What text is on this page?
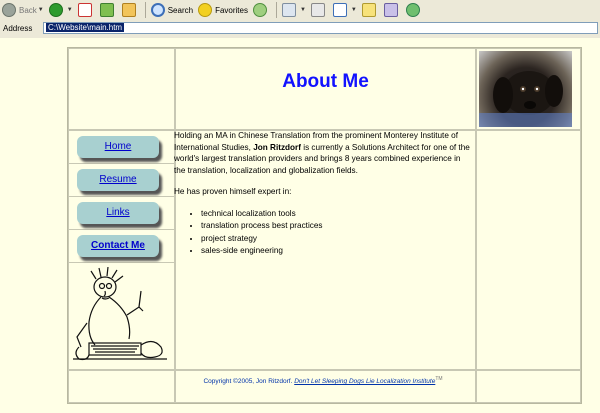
Back ▼	▼	Search	Favorites	▼	▼
Address	C:\Website\main.htm
About Me
Home
Resume
Links
Contact Me

Holding an MA in Chinese Translation from the prominent Monterey Institute of International Studies, Jon Ritzdorf is currently a Solutions Architect for one of the world's largest translation providers and brings 8 years combined experience in the translation, localization and globalization fields.

He has proven himself expert in:

• technical localization tools
• translation process best practices
• project strategy
• sales-side engineering
Copyright ©2005, Jon Ritzdorf. Don't Let Sleeping Dogs Lie Localization Institute™
